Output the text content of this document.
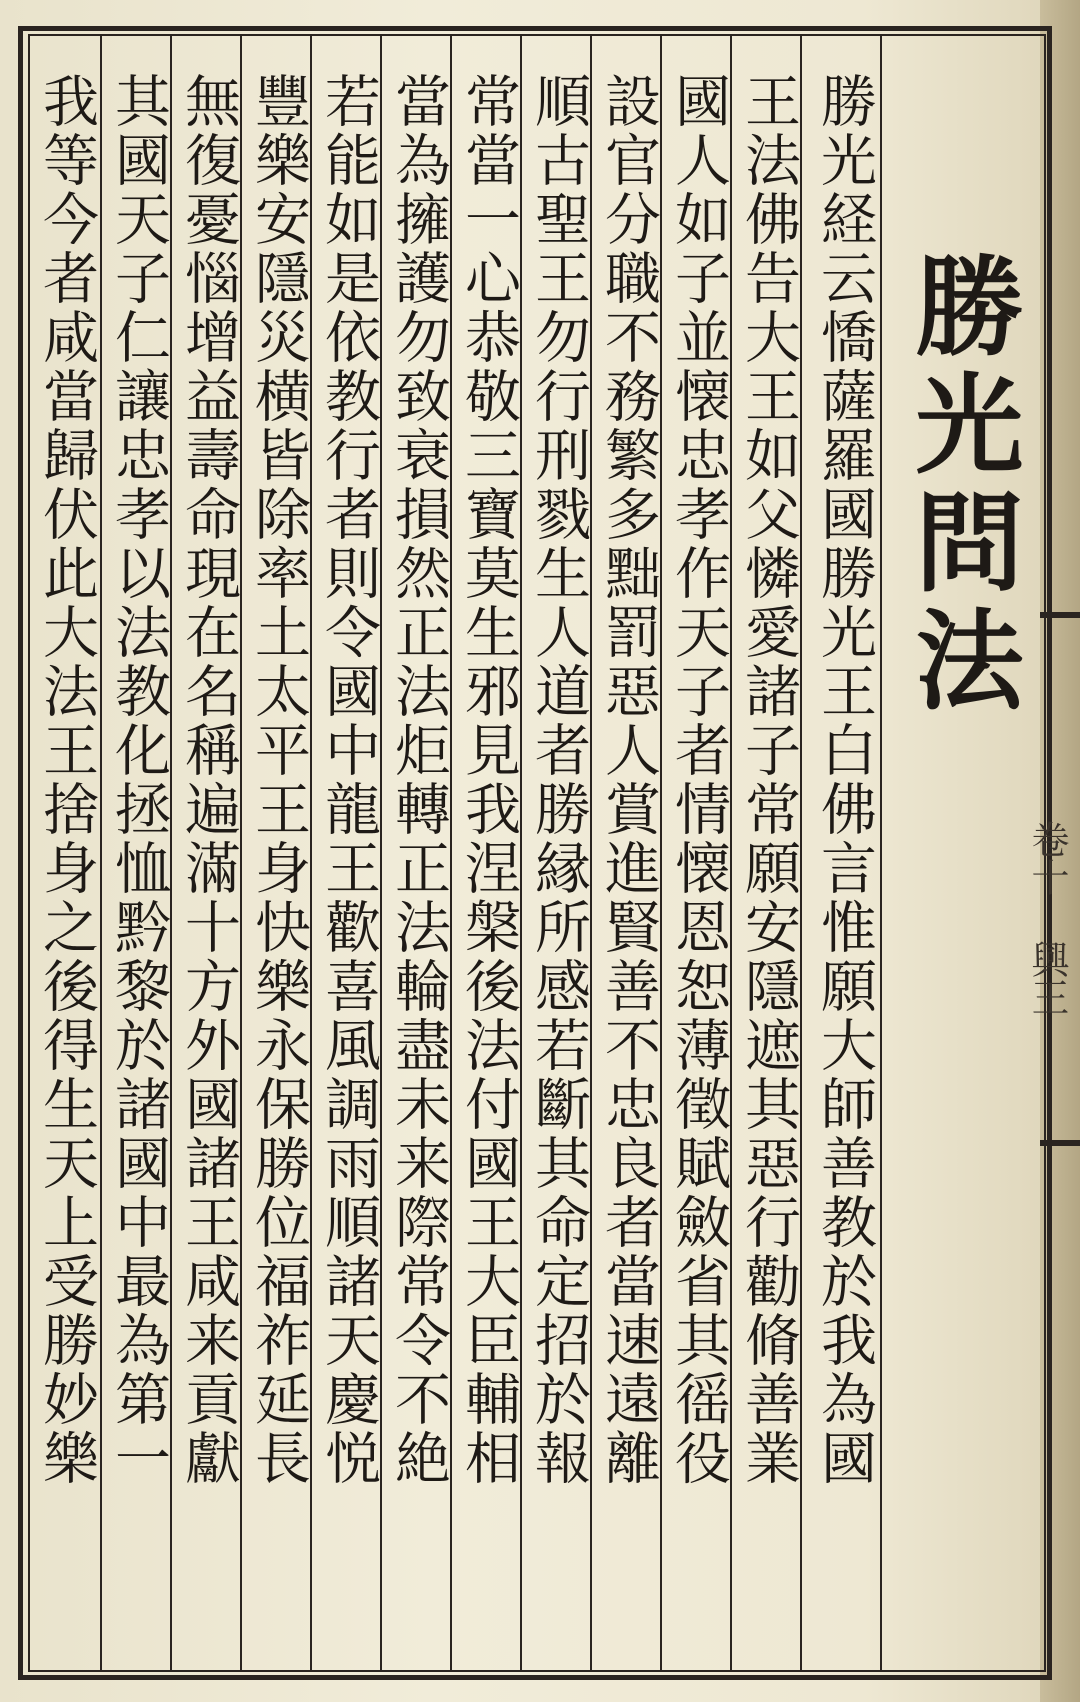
勝光問法
勝光経云憍薩羅國勝光王白佛言惟願大師善教於我為國
王法佛告大王如父憐愛諸子常願安隱遮其惡行勸脩善業
國人如子並懐忠孝作天子者情懐恩恕薄徵賦斂省其徭役
設官分職不務繁多黜罰惡人賞進賢善不忠良者當速遠離
順古聖王勿行刑戮生人道者勝縁所感若斷其命定招於報
常當一心恭敬三寶莫生邪見我涅槃後法付國王大臣輔相
當為擁護勿致衰損然正法炬轉正法輪盡未来際常令不絶
若能如是依教行者則令國中龍王歡喜風調雨順諸天慶悦
豐樂安隱災横皆除率土太平王身快樂永保勝位福祚延長
無復憂惱增益壽命現在名稱遍滿十方外國諸王咸来貢獻
其國天子仁讓忠孝以法教化拯恤黔黎於諸國中最為第一
我等今者咸當歸伏此大法王捨身之後得生天上受勝妙樂	卷十 興王
